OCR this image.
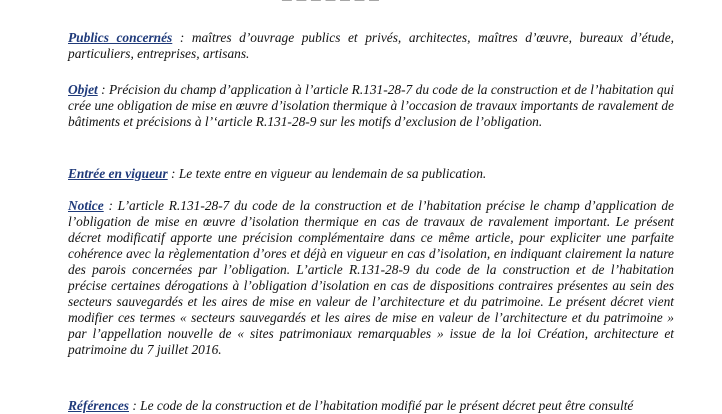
— — — — — — —
Publics concernés : maîtres d’ouvrage publics et privés, architectes, maîtres d’œuvre, bureaux d’étude, particuliers, entreprises, artisans.
Objet : Précision du champ d’application à l’article R.131-28-7 du code de la construction et de l’habitation qui crée une obligation de mise en œuvre d’isolation thermique à l’occasion de travaux importants de ravalement de bâtiments et précisions à l’‘article R.131-28-9 sur les motifs d’exclusion de l’obligation.
Entrée en vigueur : Le texte entre en vigueur au lendemain de sa publication.
Notice : L’article R.131-28-7 du code de la construction et de l’habitation précise le champ d’application de l’obligation de mise en œuvre d’isolation thermique en cas de travaux de ravalement important. Le présent décret modificatif apporte une précision complémentaire dans ce même article, pour expliciter une parfaite cohérence avec la règlementation d’ores et déjà en vigueur en cas d’isolation, en indiquant clairement la nature des parois concernées par l’obligation. L’article R.131-28-9 du code de la construction et de l’habitation précise certaines dérogations à l’obligation d’isolation en cas de dispositions contraires présentes au sein des secteurs sauvegardés et les aires de mise en valeur de l’architecture et du patrimoine. Le présent décret vient modifier ces termes « secteurs sauvegardés et les aires de mise en valeur de l’architecture et du patrimoine » par l’appellation nouvelle de « sites patrimoniaux remarquables » issue de la loi Création, architecture et patrimoine du 7 juillet 2016.
Références : Le code de la construction et de l’habitation modifié par le présent décret peut être consulté
